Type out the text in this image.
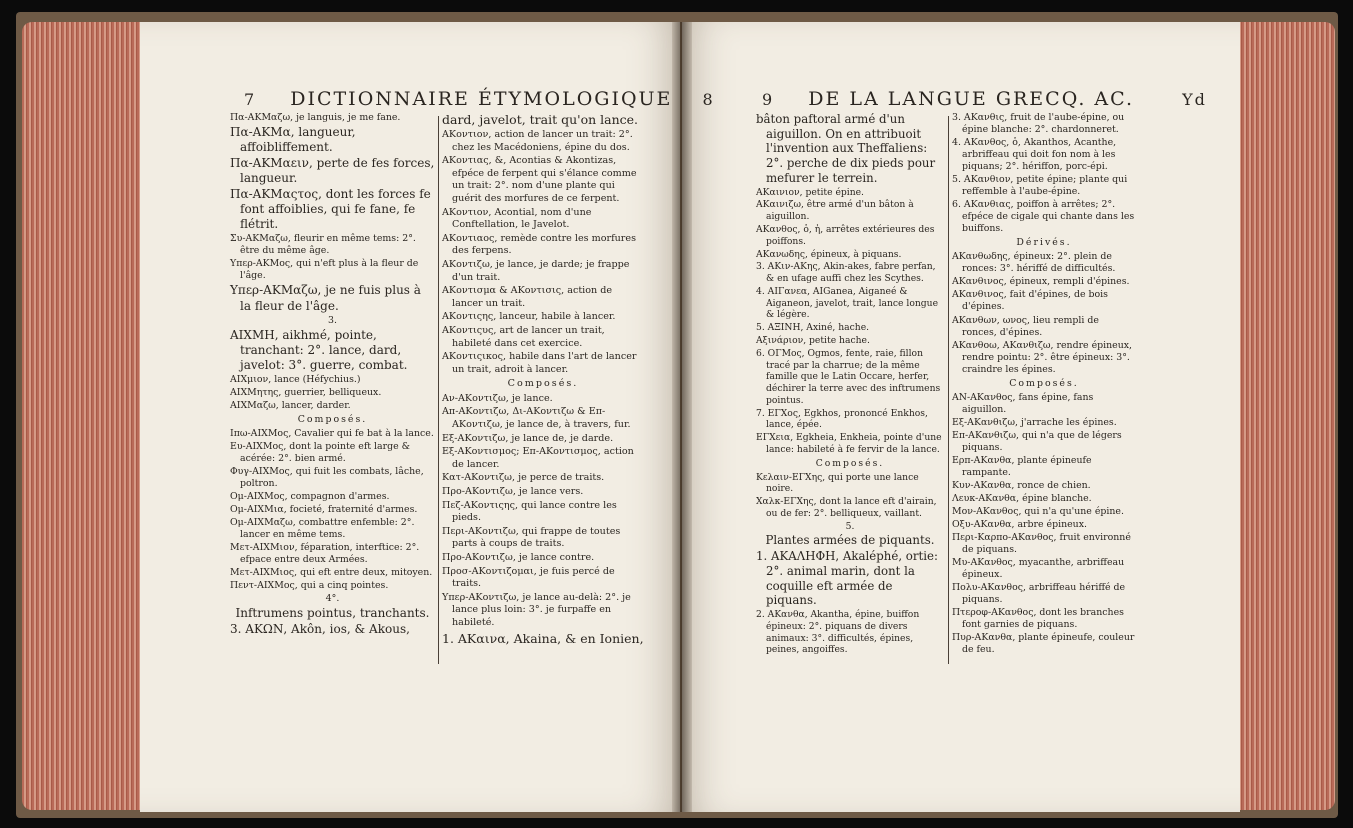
7 DICTIONNAIRE ÉTYMOLOGIQUE 8	9 DE LA LANGUE GRECQ. AC.	Yd

Πα-ΑΚΜαζω, je languis, je me fane.

Πα-ΑΚΜα, langueur, affoibliffement.

Πα-ΑΚΜαειν, perte de fes forces, langueur.

Πα-ΑΚΜαςτος, dont les forces fe font affoiblies, qui fe fane, fe flétrit.

Συ-ΑΚΜαζω, fleurir en même tems: 2°. être du même âge.

Υπερ-ΑΚΜος, qui n'eft plus à la fleur de l'âge.

Υπερ-ΑΚΜαζω, je ne fuis plus à la fleur de l'âge.

3.

ΑΙΧΜΗ, aikhmé, pointe, tranchant: 2°. lance, dard, javelot: 3°. guerre, combat.

ΑΙΧμιον, lance (Héfychius.)

ΑΙΧΜητης, guerrier, belliqueux.

ΑΙΧΜαζω, lancer, darder.

Composés.

Ιπω-ΑΙΧΜος, Cavalier qui fe bat à la lance.

Ευ-ΑΙΧΜος, dont la pointe eft large & acérée: 2°. bien armé.

Φυγ-ΑΙΧΜος, qui fuit les combats, lâche, poltron.

Ομ-ΑΙΧΜος, compagnon d'armes.

Ομ-ΑΙΧΜια, focieté, fraternité d'armes.

Ομ-ΑΙΧΜαζω, combattre enfemble: 2°. lancer en même tems.

Μετ-ΑΙΧΜιον, féparation, interftice: 2°. efpace entre deux Armées.

Μετ-ΑΙΧΜιος, qui eft entre deux, mitoyen.

Πεντ-ΑΙΧΜος, qui a cinq pointes.

4°.

Inftrumens pointus, tranchants.

3. ΑΚΩΝ, Akôn, ios, & Akous,

dard, javelot, trait qu'on lance.

ΑΚοντιον, action de lancer un trait: 2°. chez les Macédoniens, épine du dos.

ΑΚοντιας, &, Acontias & Akontizas, efpéce de ferpent qui s'élance comme un trait: 2°. nom d'une plante qui guérit des morfures de ce ferpent.

ΑΚοντιον, Acontial, nom d'une Conftellation, le Javelot.

ΑΚοντιαος, remède contre les morfures des ferpens.

ΑΚοντιζω, je lance, je darde; je frappe d'un trait.

ΑΚοντισμα & ΑΚοντισις, action de lancer un trait.

ΑΚοντιςης, lanceur, habile à lancer.

ΑΚοντιςυς, art de lancer un trait, habileté dans cet exercice.

ΑΚοντιςικος, habile dans l'art de lancer un trait, adroit à lancer.

Composés.

Αν-ΑΚοντιζω, je lance.

Απ-ΑΚοντιζω, Δι-ΑΚοντιζω & Επ-ΑΚοντιζω, je lance de, à travers, fur.

Εξ-ΑΚοντιζω, je lance de, je darde.

Εξ-ΑΚοντισμος; Επ-ΑΚοντισμος, action de lancer.

Κατ-ΑΚοντιζω, je perce de traits.

Προ-ΑΚοντιζω, je lance vers.

Πεζ-ΑΚοντιςης, qui lance contre les pieds.

Περι-ΑΚοντιζω, qui frappe de toutes parts à coups de traits.

Προ-ΑΚοντιζω, je lance contre.

Προσ-ΑΚοντιζομαι, je fuis percé de traits.

Υπερ-ΑΚοντιζω, je lance au-delà: 2°. je lance plus loin: 3°. je furpaffe en habileté.

1. ΑΚαινα, Akaina, & en Ionien,

bâton paftoral armé d'un aiguillon. On en attribuoit l'invention aux Theffaliens: 2°. perche de dix pieds pour mefurer le terrein.

ΑΚαινιον, petite épine.

ΑΚαινιζω, être armé d'un bâton à aiguillon.

ΑΚανθος, ὁ, ἡ, arrêtes extérieures des poiffons.

ΑΚανωδης, épineux, à piquans.

3. ΑΚιν-ΑΚης, Akin-akes, fabre perfan, & en ufage auffi chez les Scythes.

4. ΑΙΓανεα, AIGanea, Aiganeé & Aiganeon, javelot, trait, lance longue & légère.

5. ΑΞΙΝΗ, Axiné, hache.

Αξινάριον, petite hache.

6. ΟΓΜος, Ogmos, fente, raie, fillon tracé par la charrue; de la même famille que le Latin Occare, herfer, déchirer la terre avec des inftrumens pointus.

7. ΕΓΧος, Egkhos, prononcé Enkhos, lance, épée.

ΕΓΧεια, Egkheia, Enkheia, pointe d'une lance: habileté à fe fervir de la lance.

Composés.

Κελαιν-ΕΓΧης, qui porte une lance noire.

Χαλκ-ΕΓΧης, dont la lance eft d'airain, ou de fer: 2°. belliqueux, vaillant.

5.

Plantes armées de piquants.

1. ΑΚΑΛΗΦΗ, Akaléphé, ortie: 2°. animal marin, dont la coquille eft armée de piquans.

2. ΑΚανθα, Akantha, épine, buiffon épineux: 2°. piquans de divers animaux: 3°. difficultés, épines, peines, angoiffes.

3. ΑΚανθις, fruit de l'aube-épine, ou épine blanche: 2°. chardonneret.

4. ΑΚανθος, ὁ, Akanthos, Acanthe, arbriffeau qui doit fon nom à les piquans; 2°. hériffon, porc-épi.

5. ΑΚανθιον, petite épine; plante qui reffemble à l'aube-épine.

6. ΑΚανθιας, poiffon à arrêtes; 2°. efpéce de cigale qui chante dans les buiffons.

Dérivés.

ΑΚανθωδης, épineux: 2°. plein de ronces: 3°. hériffé de difficultés.

ΑΚανθινος, épineux, rempli d'épines.

ΑΚανθινος, fait d'épines, de bois d'épines.

ΑΚανθων, ωνος, lieu rempli de ronces, d'épines.

ΑΚανθοω, ΑΚανθιζω, rendre épineux, rendre pointu: 2°. être épineux: 3°. craindre les épines.

Composés.

ΑΝ-ΑΚανθος, fans épine, fans aiguillon.

Εξ-ΑΚανθιζω, j'arrache les épines.

Επ-ΑΚανθιζω, qui n'a que de légers piquans.

Ερπ-ΑΚανθα, plante épineufe rampante.

Κυν-ΑΚανθα, ronce de chien.

Λευκ-ΑΚανθα, épine blanche.

Μον-ΑΚανθος, qui n'a qu'une épine.

Οξυ-ΑΚανθα, arbre épineux.

Περι-Καρπο-ΑΚανθος, fruit environné de piquans.

Μυ-ΑΚανθος, myacanthe, arbriffeau épineux.

Πολυ-ΑΚανθος, arbriffeau hériffé de piquans.

Πτεροφ-ΑΚανθος, dont les branches font garnies de piquans.

Πυρ-ΑΚανθα, plante épineufe, couleur de feu.
